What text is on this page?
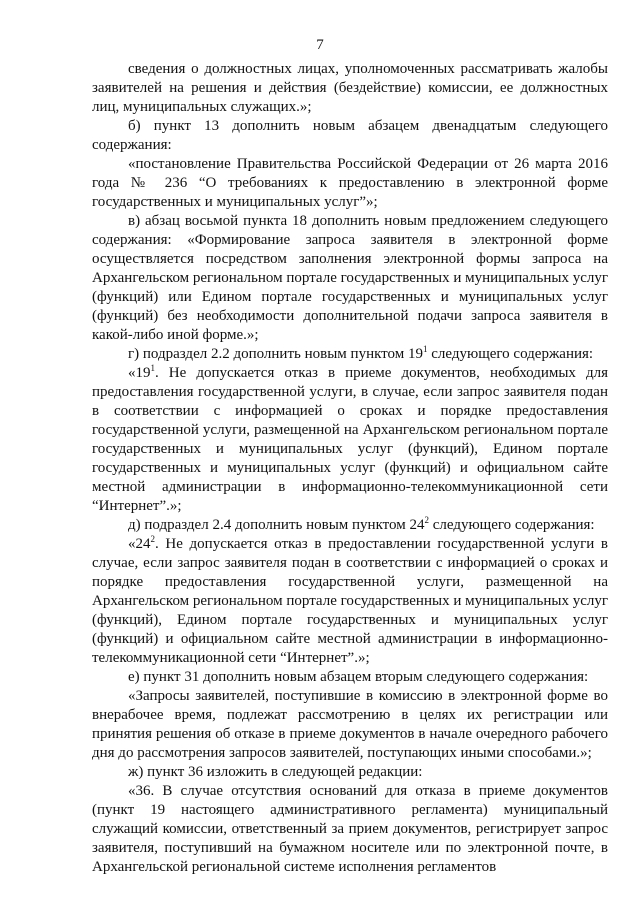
7

сведения о должностных лицах, уполномоченных рассматривать жалобы заявителей на решения и действия (бездействие) комиссии, ее должностных лиц, муниципальных служащих.»;

б) пункт 13 дополнить новым абзацем двенадцатым следующего содержания:

«постановление Правительства Российской Федерации от 26 марта 2016 года № 236 “О требованиях к предоставлению в электронной форме государственных и муниципальных услуг”»;

в) абзац восьмой пункта 18 дополнить новым предложением следующего содержания: «Формирование запроса заявителя в электронной форме осуществляется посредством заполнения электронной формы запроса на Архангельском региональном портале государственных и муниципальных услуг (функций) или Едином портале государственных и муниципальных услуг (функций) без необходимости дополнительной подачи запроса заявителя в какой-либо иной форме.»;

г) подраздел 2.2 дополнить новым пунктом $19^1$ следующего содержания:

«$19^1$. Не допускается отказ в приеме документов, необходимых для предоставления государственной услуги, в случае, если запрос заявителя подан в соответствии с информацией о сроках и порядке предоставления государственной услуги, размещенной на Архангельском региональном портале государственных и муниципальных услуг (функций), Едином портале государственных и муниципальных услуг (функций) и официальном сайте местной администрации в информационно-телекоммуникационной сети “Интернет”.»;

д) подраздел 2.4 дополнить новым пунктом $24^2$ следующего содержания:

«$24^2$. Не допускается отказ в предоставлении государственной услуги в случае, если запрос заявителя подан в соответствии с информацией о сроках и порядке предоставления государственной услуги, размещенной на Архангельском региональном портале государственных и муниципальных услуг (функций), Едином портале государственных и муниципальных услуг (функций) и официальном сайте местной администрации в информационно-телекоммуникационной сети “Интернет”.»;

е) пункт 31 дополнить новым абзацем вторым следующего содержания:

«Запросы заявителей, поступившие в комиссию в электронной форме во внерабочее время, подлежат рассмотрению в целях их регистрации или принятия решения об отказе в приеме документов в начале очередного рабочего дня до рассмотрения запросов заявителей, поступающих иными способами.»;

ж) пункт 36 изложить в следующей редакции:

«36. В случае отсутствия оснований для отказа в приеме документов (пункт 19 настоящего административного регламента) муниципальный служащий комиссии, ответственный за прием документов, регистрирует запрос заявителя, поступивший на бумажном носителе или по электронной почте, в Архангельской региональной системе исполнения регламентов
